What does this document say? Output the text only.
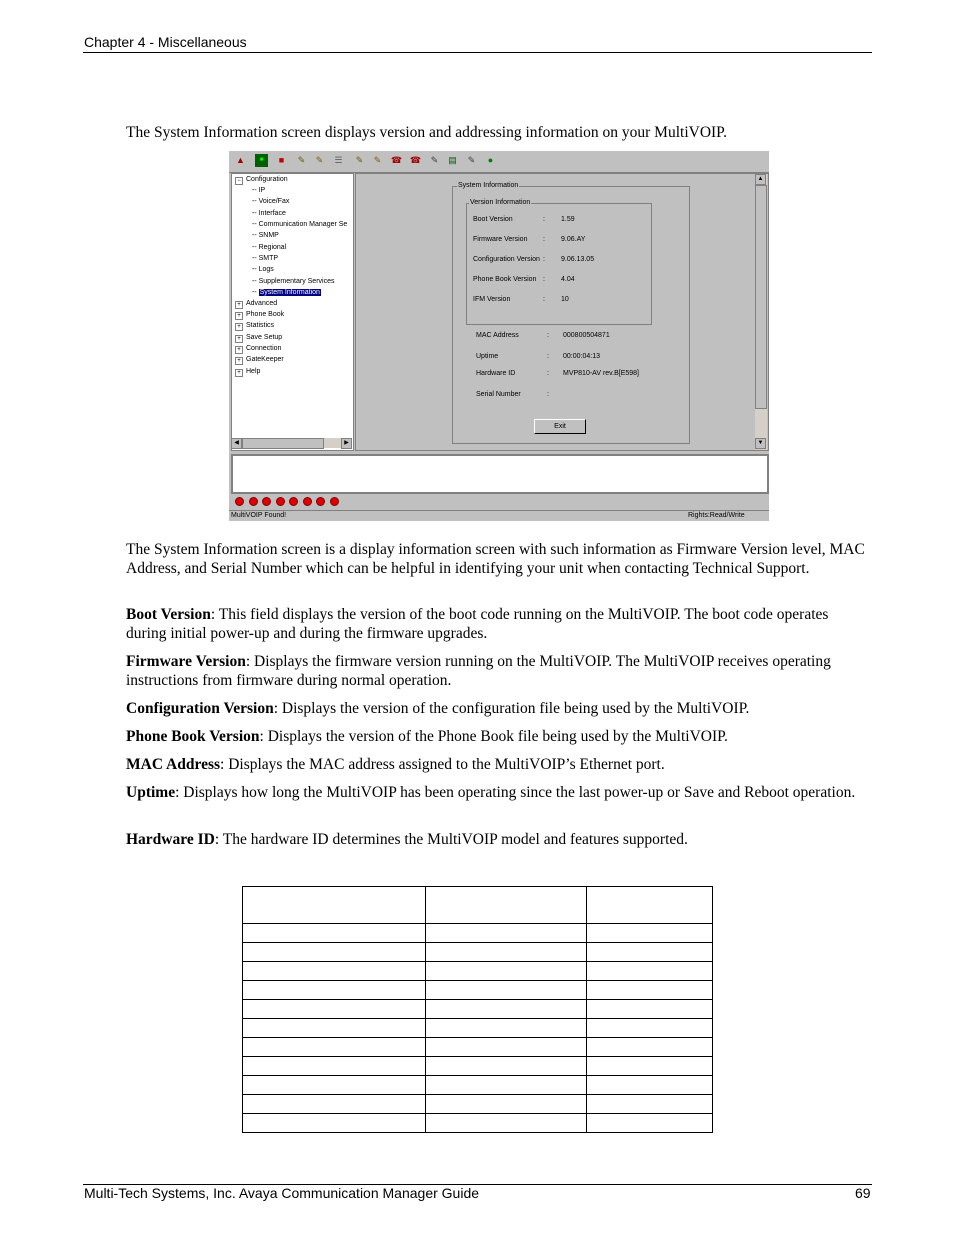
Chapter 4 - Miscellaneous
The System Information screen displays version and addressing information on your MultiVOIP.
▲	■	■	✎	✎	☰	✎	✎	☎ ☎	✎	▤	✎	●
− Configuration
-- IP
-- Voice/Fax
-- Interface
-- Communication Manager Se
-- SNMP
-- Regional
-- SMTP
-- Logs
-- Supplementary Services
-- System Information
+ Advanced
+ Phone Book
+ Statistics
+ Save Setup
+ Connection
+ GateKeeper
+ Help
◀	▶
System Information
Version Information
Boot Version	: 1.59
Firmware Version : 9.06.AY
Configuration Version : 9.06.13.05
Phone Book Version : 4.04
IFM Version	: 10
MAC Address	: 000800504871
Uptime	: 00:00:04:13
Hardware ID	: MVP810-AV rev.B[E598]
Serial Number	:
Exit
▲
▼
MultiVOIP Found!	Rights:Read/Write
The System Information screen is a display information screen with such information as Firmware Version level, MAC Address, and Serial Number which can be helpful in identifying your unit when contacting Technical Support.
Boot Version: This field displays the version of the boot code running on the MultiVOIP. The boot code operates during initial power-up and during the firmware upgrades.
Firmware Version: Displays the firmware version running on the MultiVOIP. The MultiVOIP receives operating instructions from firmware during normal operation.
Configuration Version: Displays the version of the configuration file being used by the MultiVOIP.
Phone Book Version: Displays the version of the Phone Book file being used by the MultiVOIP.
MAC Address: Displays the MAC address assigned to the MultiVOIP’s Ethernet port.
Uptime: Displays how long the MultiVOIP has been operating since the last power-up or Save and Reboot operation.
Hardware ID: The hardware ID determines the MultiVOIP model and features supported.

Multi-Tech Systems, Inc. Avaya Communication Manager Guide	69
